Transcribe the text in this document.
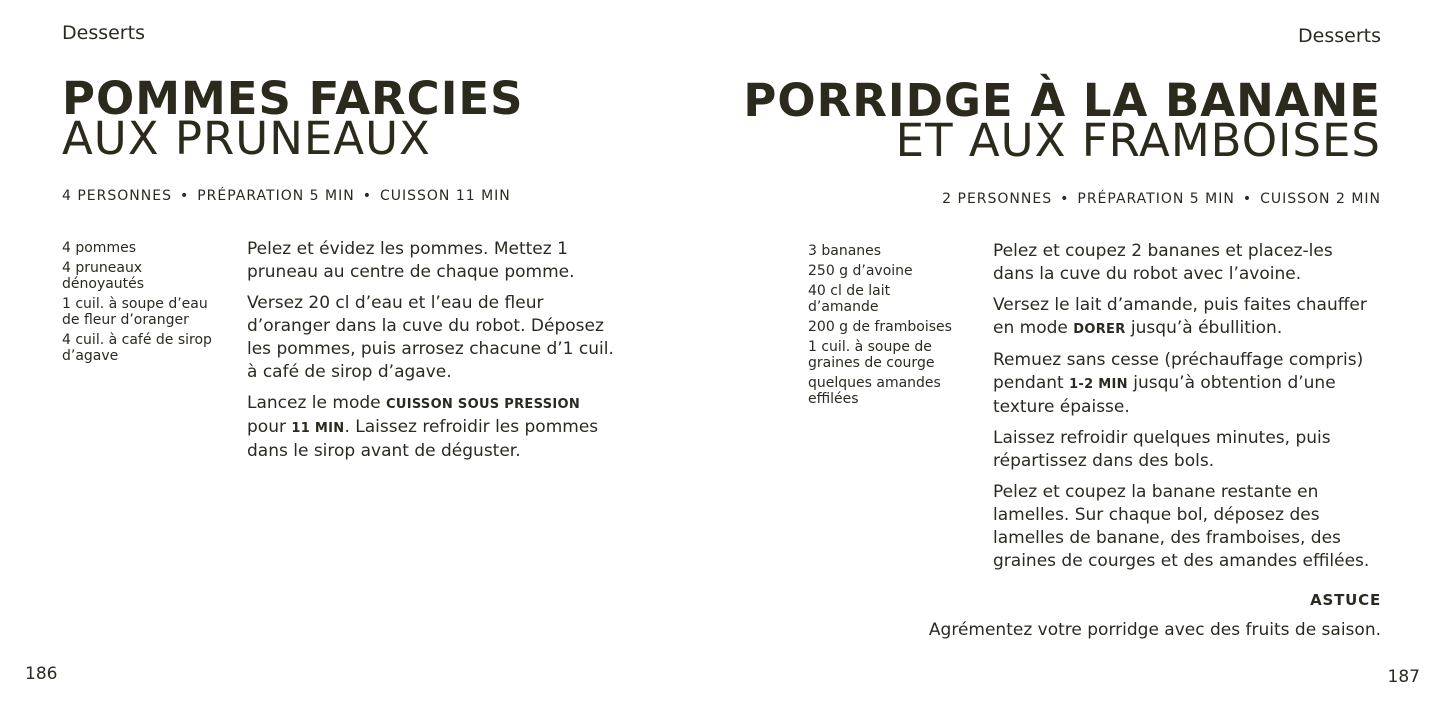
Desserts
POMMES FARCIES
AUX PRUNEAUX
4 PERSONNES • PRÉPARATION 5 MIN • CUISSON 11 MIN
4 pommes
4 pruneaux dénoyautés
1 cuil. à soupe d’eau de fleur d’oranger
4 cuil. à café de sirop d’agave

Pelez et évidez les pommes. Mettez 1 pruneau au centre de chaque pomme.

Versez 20 cl d’eau et l’eau de fleur d’oranger dans la cuve du robot. Déposez les pommes, puis arrosez chacune d’1 cuil. à café de sirop d’agave.

Lancez le mode CUISSON SOUS PRESSION pour 11 MIN. Laissez refroidir les pommes dans le sirop avant de déguster.

186
Desserts
PORRIDGE À LA BANANE
ET AUX FRAMBOISES
2 PERSONNES • PRÉPARATION 5 MIN • CUISSON 2 MIN
3 bananes
250 g d’avoine
40 cl de lait d’amande
200 g de framboises
1 cuil. à soupe de graines de courge
quelques amandes effilées

Pelez et coupez 2 bananes et placez-les dans la cuve du robot avec l’avoine.

Versez le lait d’amande, puis faites chauffer en mode DORER jusqu’à ébullition.

Remuez sans cesse (préchauffage compris) pendant 1-2 MIN jusqu’à obtention d’une texture épaisse.

Laissez refroidir quelques minutes, puis répartissez dans des bols.

Pelez et coupez la banane restante en lamelles. Sur chaque bol, déposez des lamelles de banane, des framboises, des graines de courges et des amandes effilées.

ASTUCE
Agrémentez votre porridge avec des fruits de saison.
187
